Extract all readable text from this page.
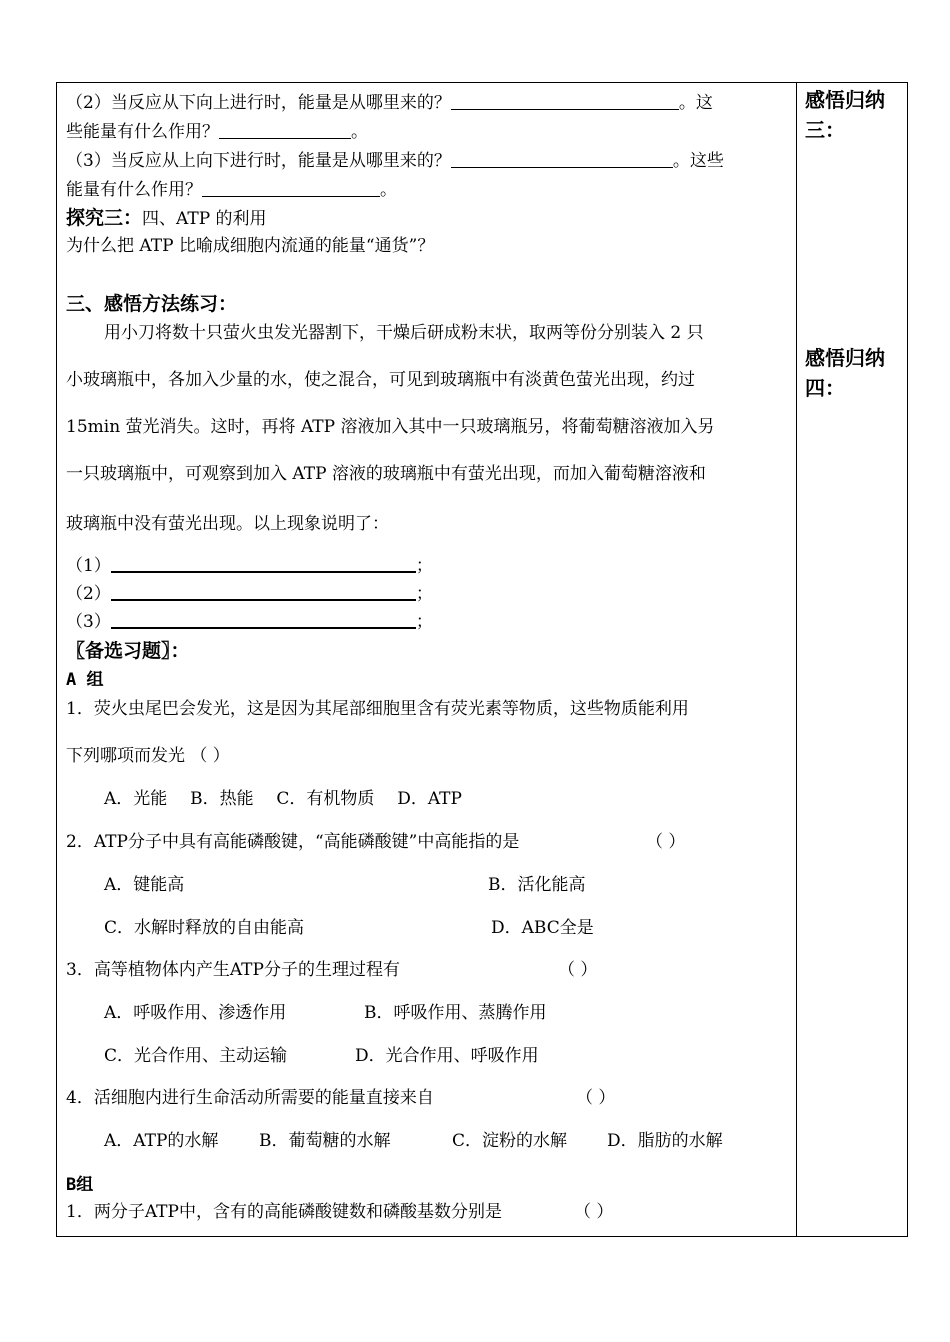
感悟归纳三：
感悟归纳四：
（2）当反应从下向上进行时，能量是从哪里来的？	。这
些能量有什么作用？	。
（3）当反应从上向下进行时，能量是从哪里来的？	。这些
能量有什么作用？	。
探究三：四、ATP 的利用
为什么把 ATP 比喻成细胞内流通的能量“通货”？
三、感悟方法练习：
用小刀将数十只萤火虫发光器割下，干燥后研成粉末状，取两等份分别装入 2 只
小玻璃瓶中，各加入少量的水，使之混合，可见到玻璃瓶中有淡黄色萤光出现，约过
15min 萤光消失。这时，再将 ATP 溶液加入其中一只玻璃瓶另，将葡萄糖溶液加入另
一只玻璃瓶中，可观察到加入 ATP 溶液的玻璃瓶中有萤光出现，而加入葡萄糖溶液和
玻璃瓶中没有萤光出现。以上现象说明了：
（1）	；
（2）	；
（3）	；
〖备选习题〗：
A 组
1．荧火虫尾巴会发光，这是因为其尾部细胞里含有荧光素等物质，这些物质能利用
下列哪项而发光 （ ）
A．光能  B．热能  C．有机物质  D．ATP
2．ATP分子中具有高能磷酸键，“高能磷酸键”中高能指的是	（ ）
A．键能高	B．活化能高
C．水解时释放的自由能高	D．ABC全是
3．高等植物体内产生ATP分子的生理过程有	（ ）
A．呼吸作用、渗透作用	B．呼吸作用、蒸腾作用
C．光合作用、主动运输	D．光合作用、呼吸作用
4．活细胞内进行生命活动所需要的能量直接来自	（ ）
A．ATP的水解 B．葡萄糖的水解	C．淀粉的水解 D．脂肪的水解
B组
1．两分子ATP中，含有的高能磷酸键数和磷酸基数分别是	（ ）
